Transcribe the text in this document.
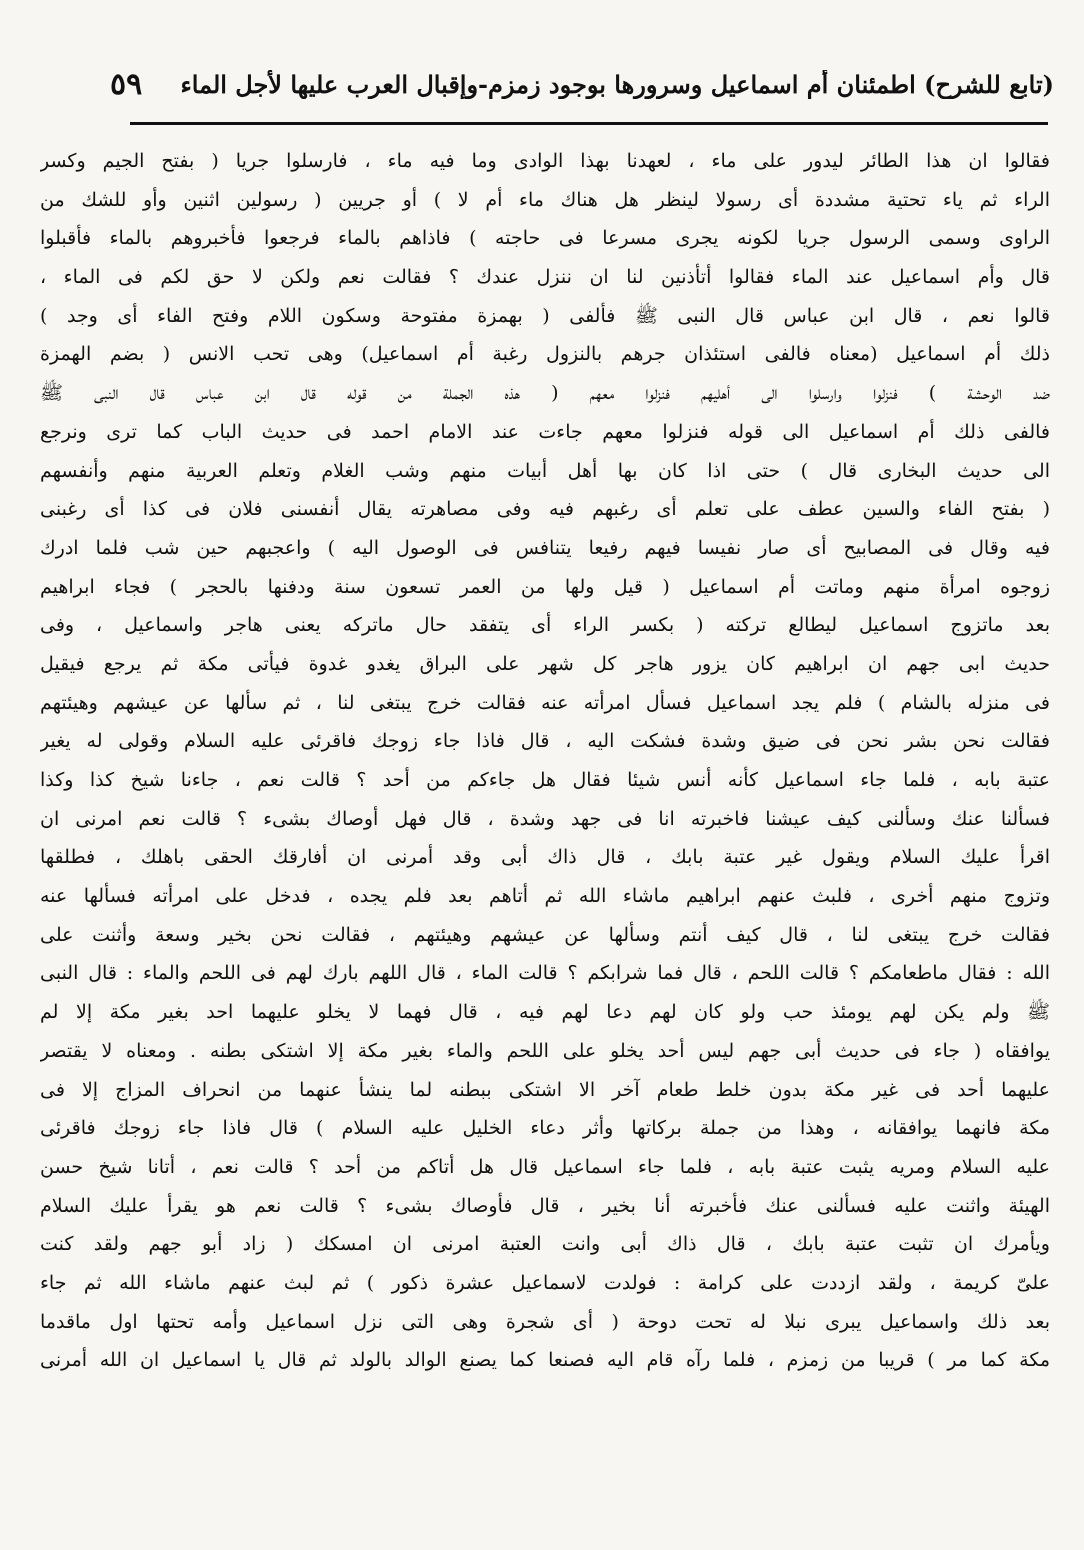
٥٩	(تابع للشرح) اطمئنان أم اسماعيل وسرورها بوجود زمزم-وإقبال العرب عليها لأجل الماء
فقالوا ان هذا الطائر ليدور على ماء ، لعهدنا بهذا الوادى وما فيه ماء ، فارسلوا جريا ( بفتح الجيم وكسر
الراء ثم ياء تحتية مشددة أى رسولا لينظر هل هناك ماء أم لا ) أو جريين ( رسولين اثنين وأو للشك من
الراوى وسمى الرسول جريا لكونه يجرى مسرعا فى حاجته ) فاذاهم بالماء فرجعوا فأخبروهم بالماء فأقبلوا
قال وأم اسماعيل عند الماء فقالوا أتأذنين لنا ان ننزل عندك ؟ فقالت نعم ولكن لا حق لكم فى الماء ،
قالوا نعم ، قال ابن عباس قال النبى ﷺ فألفى ( بهمزة مفتوحة وسكون اللام وفتح الفاء أى وجد )
ذلك أم اسماعيل (معناه فالفى استئذان جرهم بالنزول رغبة أم اسماعيل) وهى تحب الانس ( بضم الهمزة
ضد الوحشة ) فنزلوا وارسلوا الى أهليهم فنزلوا معهم ( هذه الجملة من قوله قال ابن عباس قال النبى ﷺ
فالفى ذلك أم اسماعيل الى قوله فنزلوا معهم جاءت عند الامام احمد فى حديث الباب كما ترى ونرجع
الى حديث البخارى قال ) حتى اذا كان بها أهل أبيات منهم وشب الغلام وتعلم العربية منهم وأنفسهم
( بفتح الفاء والسين عطف على تعلم أى رغبهم فيه وفى مصاهرته يقال أنفسنى فلان فى كذا أى رغبنى
فيه وقال فى المصابيح أى صار نفيسا فيهم رفيعا يتنافس فى الوصول اليه ) واعجبهم حين شب فلما ادرك
زوجوه امرأة منهم وماتت أم اسماعيل ( قيل ولها من العمر تسعون سنة ودفنها بالحجر ) فجاء ابراهيم
بعد ماتزوج اسماعيل ليطالع تركته ( بكسر الراء أى يتفقد حال ماتركه يعنى هاجر واسماعيل ، وفى
حديث ابى جهم ان ابراهيم كان يزور هاجر كل شهر على البراق يغدو غدوة فيأتى مكة ثم يرجع فيقيل
فى منزله بالشام ) فلم يجد اسماعيل فسأل امرأته عنه فقالت خرج يبتغى لنا ، ثم سألها عن عيشهم وهيئتهم
فقالت نحن بشر نحن فى ضيق وشدة فشكت اليه ، قال فاذا جاء زوجك فاقرئى عليه السلام وقولى له يغير
عتبة بابه ، فلما جاء اسماعيل كأنه أنس شيئا فقال هل جاءكم من أحد ؟ قالت نعم ، جاءنا شيخ كذا وكذا
فسألنا عنك وسألنى كيف عيشنا فاخبرته انا فى جهد وشدة ، قال فهل أوصاك بشىء ؟ قالت نعم امرنى ان
اقرأ عليك السلام ويقول غير عتبة بابك ، قال ذاك أبى وقد أمرنى ان أفارقك الحقى باهلك ، فطلقها
وتزوج منهم أخرى ، فلبث عنهم ابراهيم ماشاء الله ثم أتاهم بعد فلم يجده ، فدخل على امرأته فسألها عنه
فقالت خرج يبتغى لنا ، قال كيف أنتم وسألها عن عيشهم وهيئتهم ، فقالت نحن بخير وسعة وأثنت على
الله : فقال ماطعامكم ؟ قالت اللحم ، قال فما شرابكم ؟ قالت الماء ، قال اللهم بارك لهم فى اللحم والماء : قال النبى
ﷺ ولم يكن لهم يومئذ حب ولو كان لهم دعا لهم فيه ، قال فهما لا يخلو عليهما احد بغير مكة إلا لم
يوافقاه ( جاء فى حديث أبى جهم ليس أحد يخلو على اللحم والماء بغير مكة إلا اشتكى بطنه . ومعناه لا يقتصر
عليهما أحد فى غير مكة بدون خلط طعام آخر الا اشتكى ببطنه لما ينشأ عنهما من انحراف المزاج إلا فى
مكة فانهما يوافقانه ، وهذا من جملة بركاتها وأثر دعاء الخليل عليه السلام ) قال فاذا جاء زوجك فاقرئى
عليه السلام ومريه يثبت عتبة بابه ، فلما جاء اسماعيل قال هل أتاكم من أحد ؟ قالت نعم ، أتانا شيخ حسن
الهيئة واثنت عليه فسألنى عنك فأخبرته أنا بخير ، قال فأوصاك بشىء ؟ قالت نعم هو يقرأ عليك السلام
ويأمرك ان تثبت عتبة بابك ، قال ذاك أبى وانت العتبة امرنى ان امسكك ( زاد أبو جهم ولقد كنت
علىّ كريمة ، ولقد ازددت على كرامة : فولدت لاسماعيل عشرة ذكور ) ثم لبث عنهم ماشاء الله ثم جاء
بعد ذلك واسماعيل يبرى نبلا له تحت دوحة ( أى شجرة وهى التى نزل اسماعيل وأمه تحتها اول ماقدما
مكة كما مر ) قريبا من زمزم ، فلما رآه قام اليه فصنعا كما يصنع الوالد بالولد ثم قال يا اسماعيل ان الله أمرنى
